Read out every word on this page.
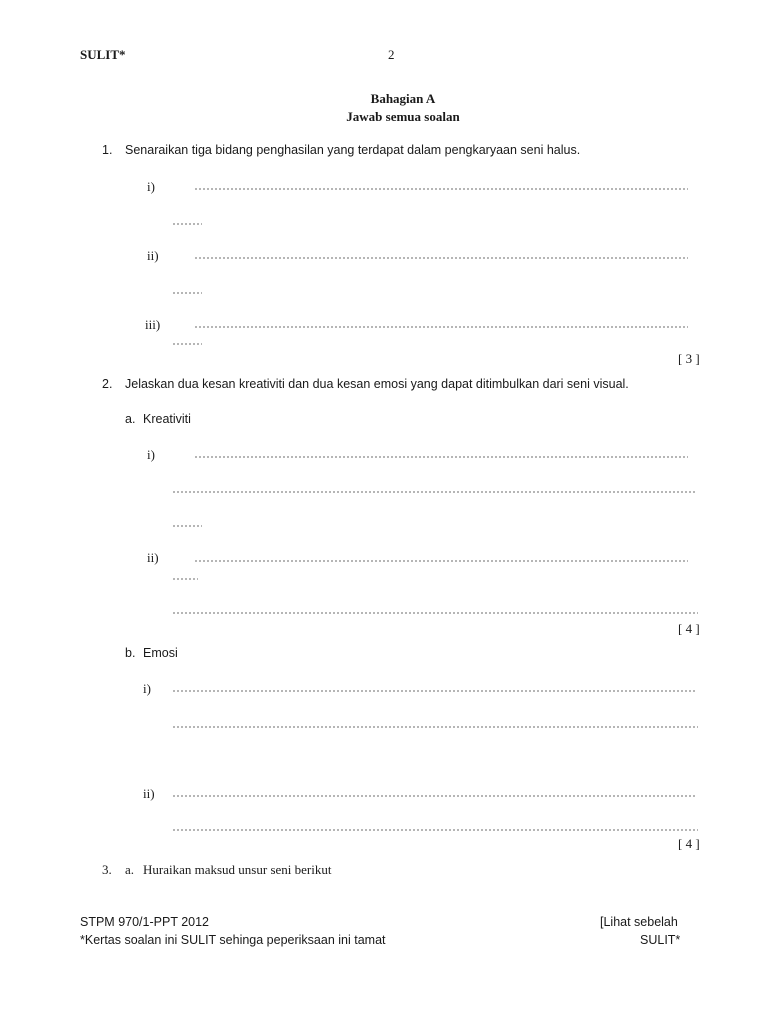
SULIT*	2
Bahagian A
Jawab semua soalan
1. Senaraikan tiga bidang penghasilan yang terdapat dalam pengkaryaan seni halus.
i)
ii)
iii)
[ 3 ]
2. Jelaskan dua kesan kreativiti dan dua kesan emosi yang dapat ditimbulkan dari seni visual.
a. Kreativiti
i)
ii)
[ 4 ]
b. Emosi
i)
ii)
[ 4 ]
3. a. Huraikan maksud unsur seni berikut
STPM 970/1-PPT 2012
*Kertas soalan ini SULIT sehinga peperiksaan ini tamat
[Lihat sebelah
SULIT*
